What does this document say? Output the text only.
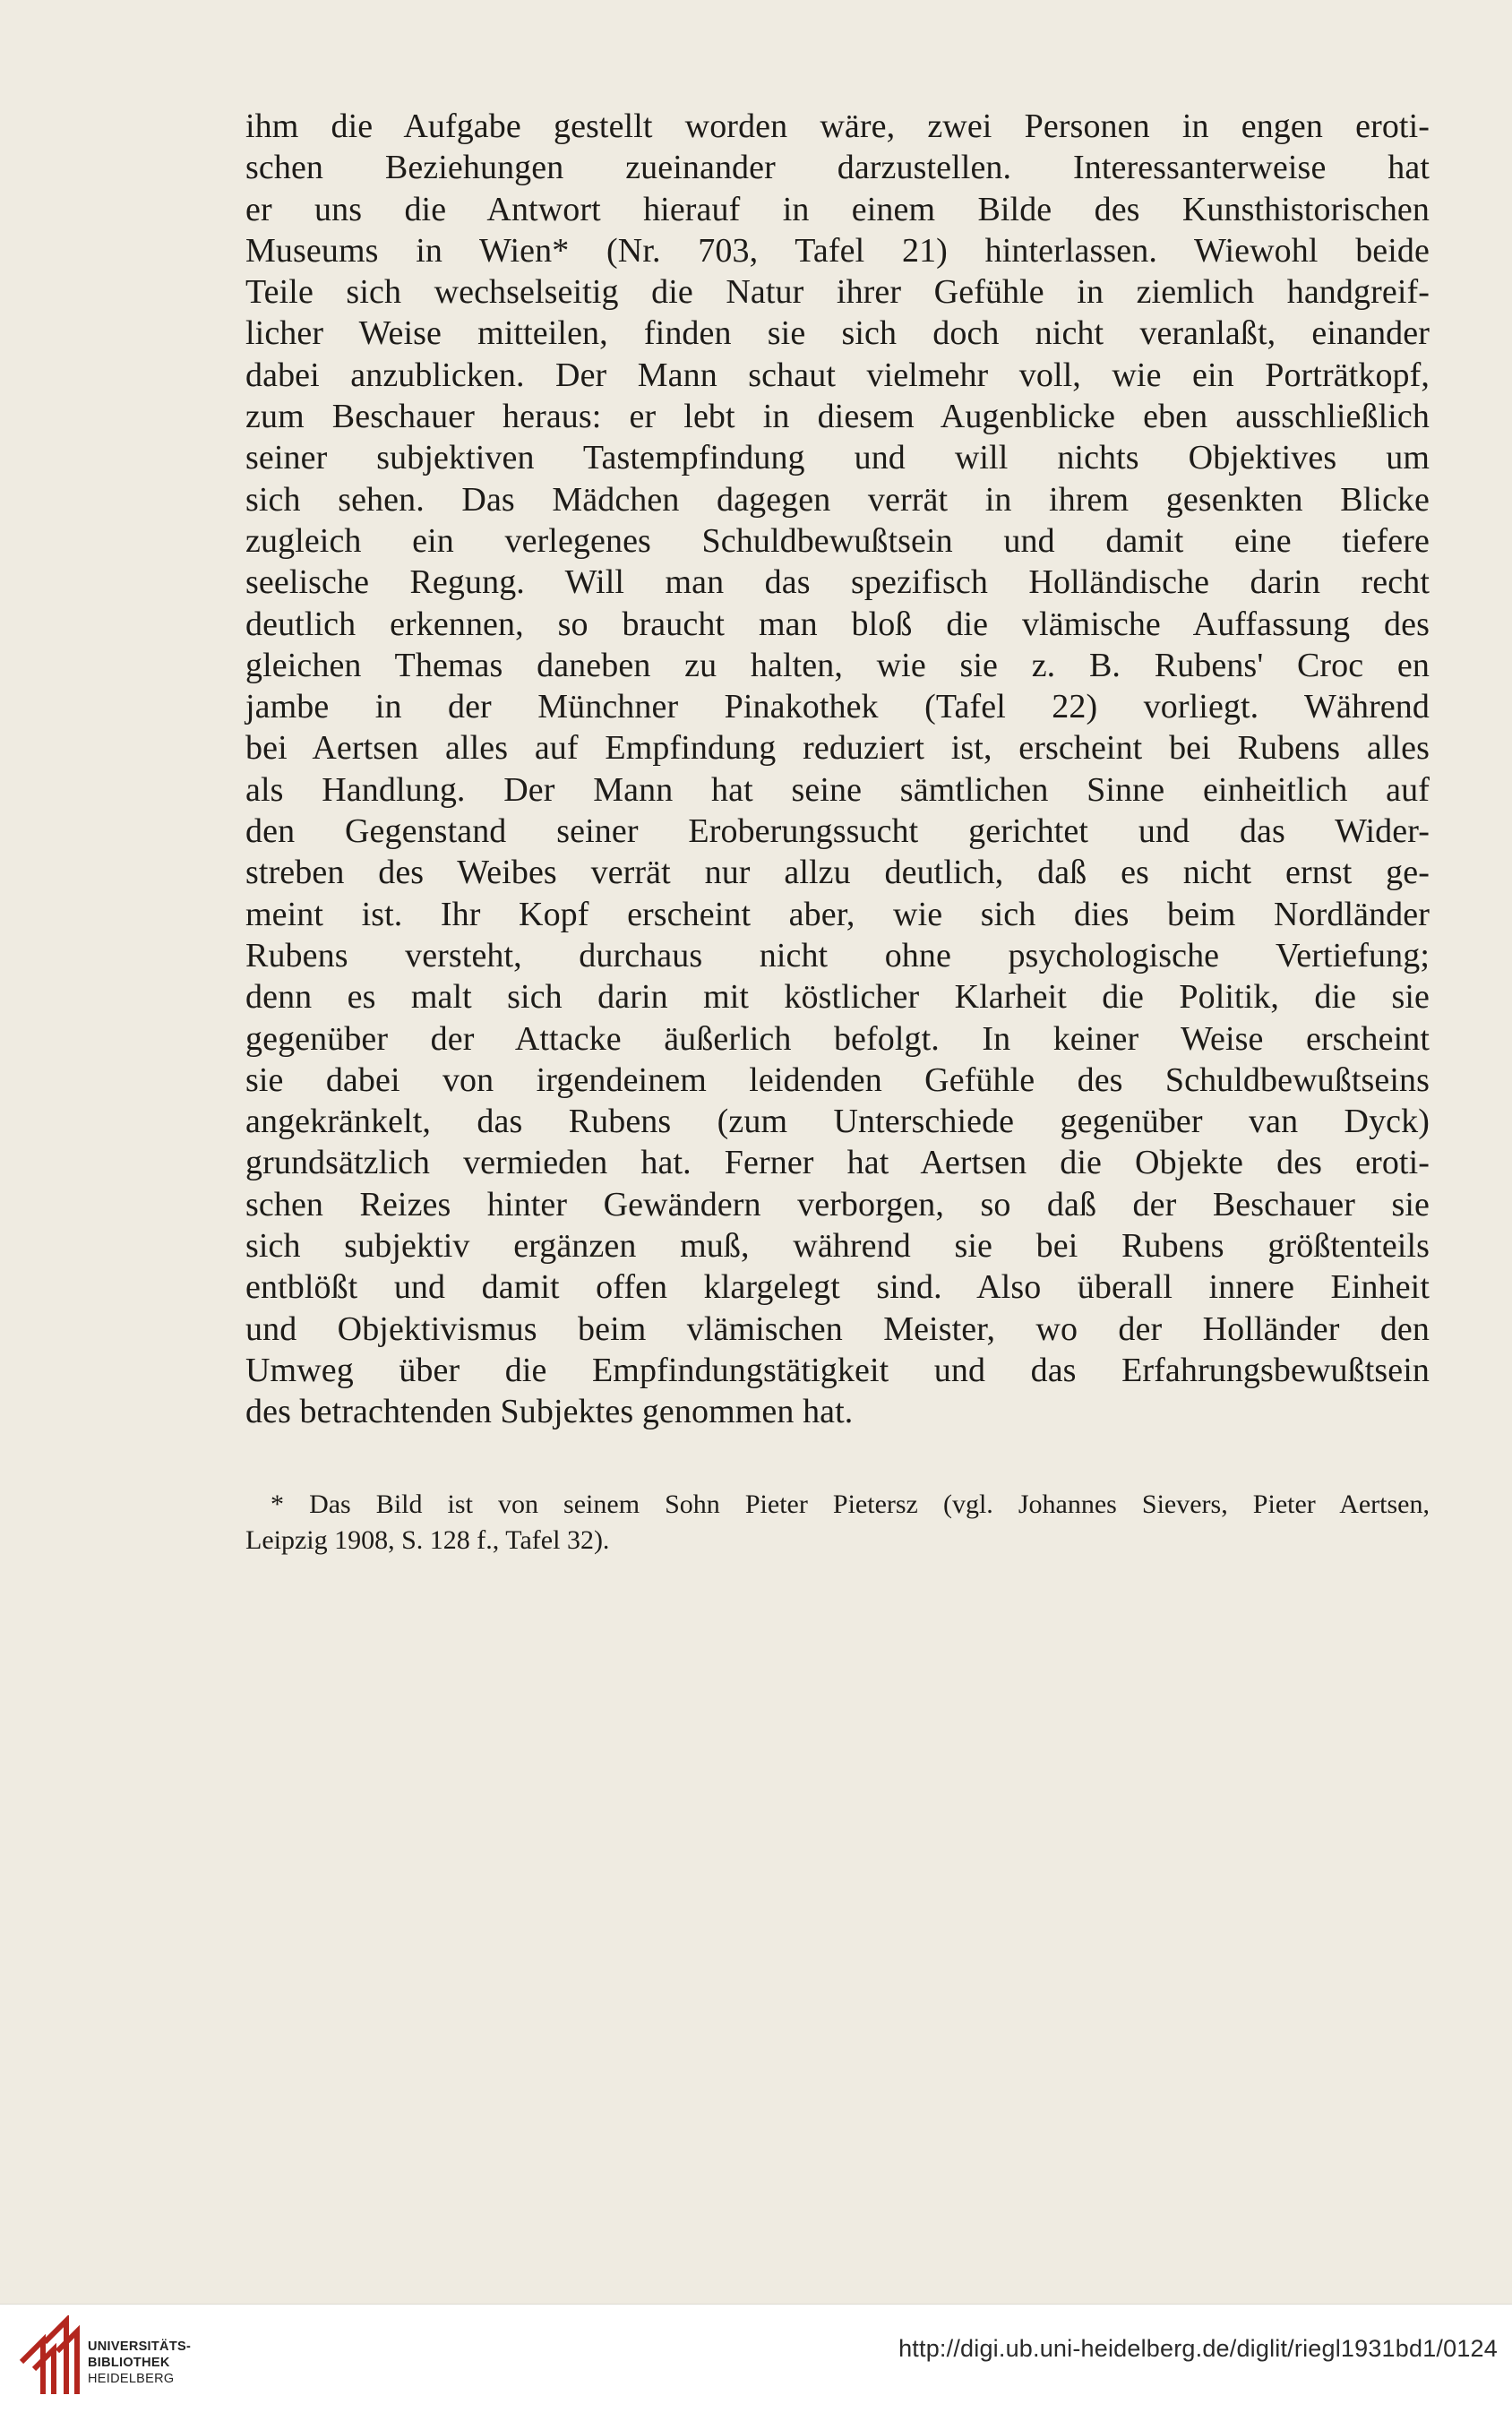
ihm die Aufgabe gestellt worden wäre, zwei Personen in engen eroti-
schen Beziehungen zueinander darzustellen. Interessanterweise hat
er uns die Antwort hierauf in einem Bilde des Kunsthistorischen
Museums in Wien* (Nr. 703, Tafel 21) hinterlassen. Wiewohl beide
Teile sich wechselseitig die Natur ihrer Gefühle in ziemlich handgreif-
licher Weise mitteilen, finden sie sich doch nicht veranlaßt, einander
dabei anzublicken. Der Mann schaut vielmehr voll, wie ein Porträtkopf,
zum Beschauer heraus: er lebt in diesem Augenblicke eben ausschließlich
seiner subjektiven Tastempfindung und will nichts Objektives um
sich sehen. Das Mädchen dagegen verrät in ihrem gesenkten Blicke
zugleich ein verlegenes Schuldbewußtsein und damit eine tiefere
seelische Regung. Will man das spezifisch Holländische darin recht
deutlich erkennen, so braucht man bloß die vlämische Auffassung des
gleichen Themas daneben zu halten, wie sie z. B. Rubens' Croc en
jambe in der Münchner Pinakothek (Tafel 22) vorliegt. Während
bei Aertsen alles auf Empfindung reduziert ist, erscheint bei Rubens alles
als Handlung. Der Mann hat seine sämtlichen Sinne einheitlich auf
den Gegenstand seiner Eroberungssucht gerichtet und das Wider-
streben des Weibes verrät nur allzu deutlich, daß es nicht ernst ge-
meint ist. Ihr Kopf erscheint aber, wie sich dies beim Nordländer
Rubens versteht, durchaus nicht ohne psychologische Vertiefung;
denn es malt sich darin mit köstlicher Klarheit die Politik, die sie
gegenüber der Attacke äußerlich befolgt. In keiner Weise erscheint
sie dabei von irgendeinem leidenden Gefühle des Schuldbewußtseins
angekränkelt, das Rubens (zum Unterschiede gegenüber van Dyck)
grundsätzlich vermieden hat. Ferner hat Aertsen die Objekte des eroti-
schen Reizes hinter Gewändern verborgen, so daß der Beschauer sie
sich subjektiv ergänzen muß, während sie bei Rubens größtenteils
entblößt und damit offen klargelegt sind. Also überall innere Einheit
und Objektivismus beim vlämischen Meister, wo der Holländer den
Umweg über die Empfindungstätigkeit und das Erfahrungsbewußtsein
des betrachtenden Subjektes genommen hat.
* Das Bild ist von seinem Sohn Pieter Pietersz (vgl. Johannes Sievers, Pieter Aertsen,
Leipzig 1908, S. 128 f., Tafel 32).
UNIVERSITÄTS-
BIBLIOTHEK
HEIDELBERG
http://digi.ub.uni-heidelberg.de/diglit/riegl1931bd1/0124
